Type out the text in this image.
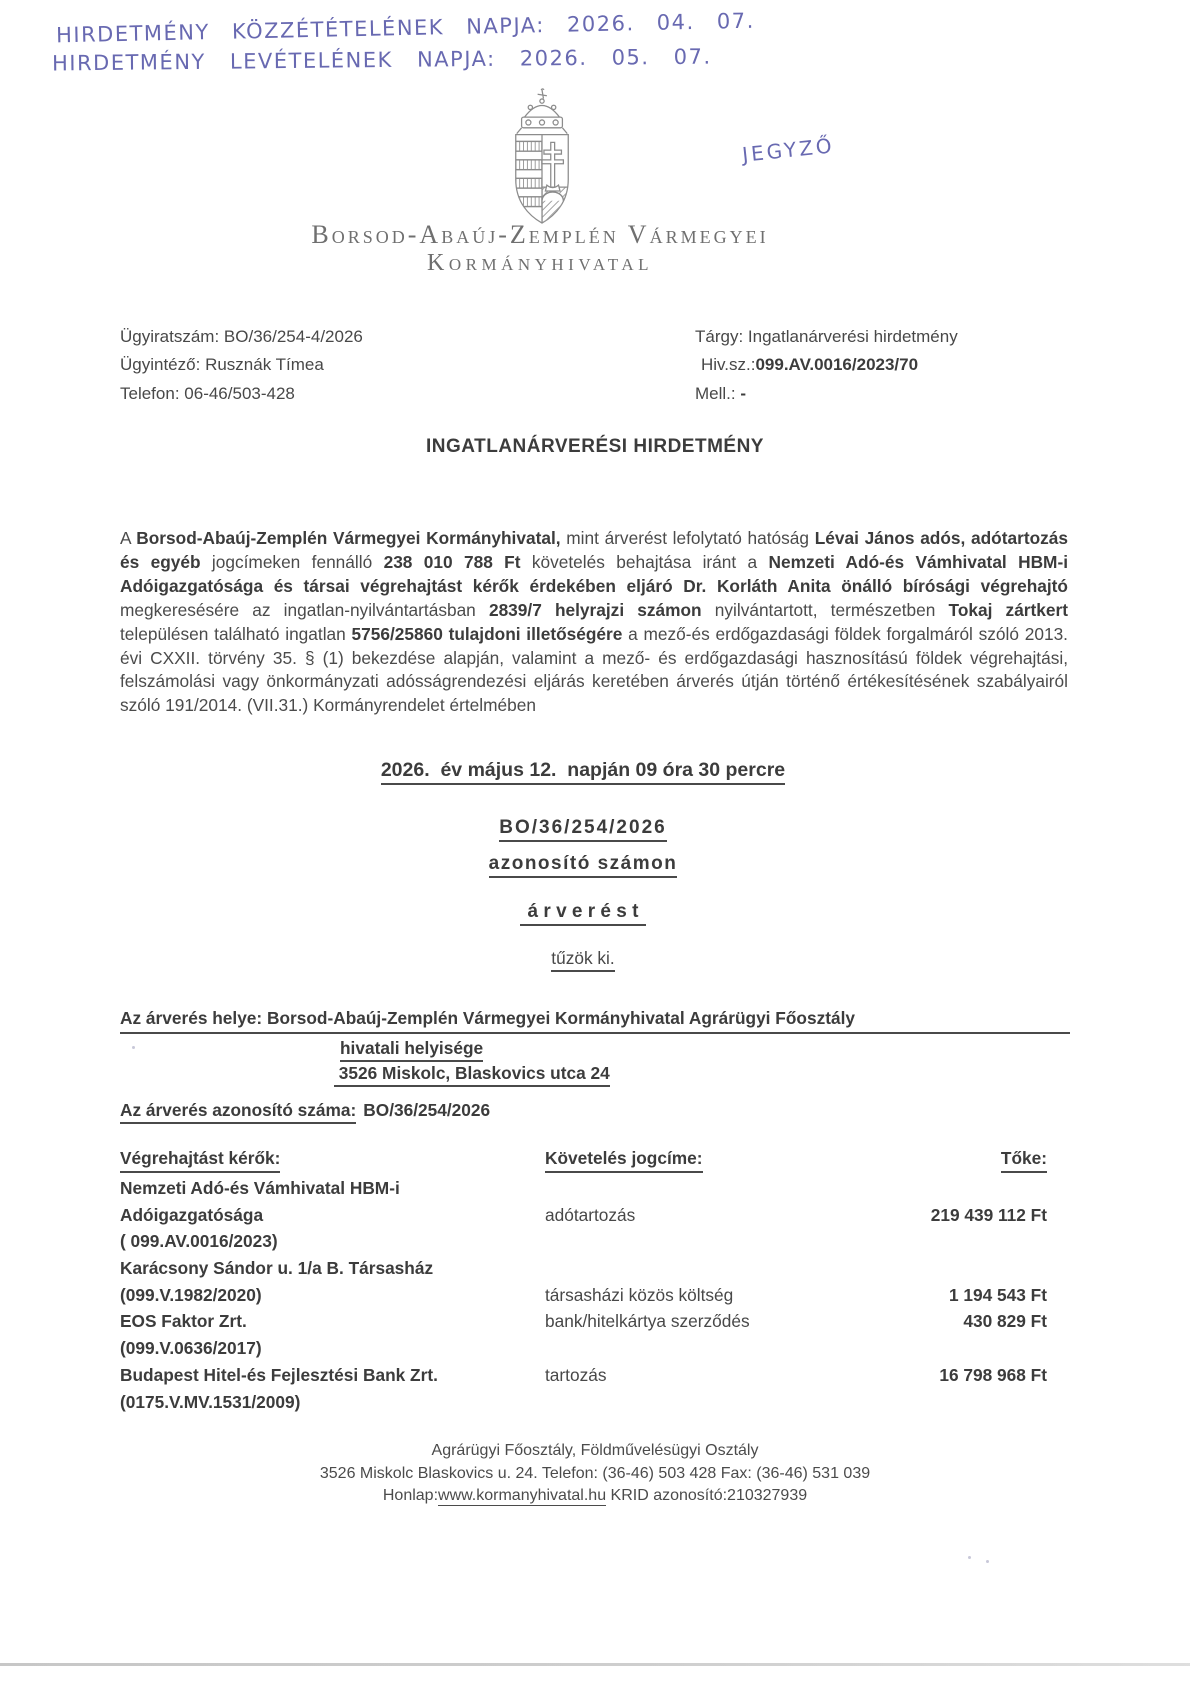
HIRDETMÉNY KÖZZÉTÉTELÉNEK NAPJA: 2026. 04. 07.
HIRDETMÉNY LEVÉTELÉNEK NAPJA: 2026. 05. 07.
JEGYZŐ
Borsod-Abaúj-Zemplén Vármegyei
Kormányhivatal
Ügyiratszám: BO/36/254-4/2026
Ügyintéző: Rusznák Tímea
Telefon: 06-46/503-428
Tárgy: Ingatlanárverési hirdetmény
Hiv.sz.:099.AV.0016/2023/70
Mell.: -
INGATLANÁRVERÉSI HIRDETMÉNY

A Borsod-Abaúj-Zemplén Vármegyei Kormányhivatal, mint árverést lefolytató hatóság Lévai János adós, adótartozás és egyéb jogcímeken fennálló 238 010 788 Ft követelés behajtása iránt a Nemzeti Adó-és Vámhivatal HBM-i Adóigazgatósága és társai végrehajtást kérők érdekében eljáró Dr. Korláth Anita önálló bírósági végrehajtó megkeresésére az ingatlan-nyilvántartásban 2839/7 helyrajzi számon nyilvántartott, természetben Tokaj zártkert településen található ingatlan 5756/25860 tulajdoni illetőségére a mező-és erdőgazdasági földek forgalmáról szóló 2013. évi CXXII. törvény 35. § (1) bekezdése alapján, valamint a mező- és erdőgazdasági hasznosítású földek végrehajtási, felszámolási vagy önkormányzati adósságrendezési eljárás keretében árverés útján történő értékesítésének szabályairól szóló 191/2014. (VII.31.) Kormányrendelet értelmében

2026.  év május 12.  napján 09 óra 30 percre
BO/36/254/2026
azonosító számon
á r v e r é s t
tűzök ki.
Az árverés helye: Borsod-Abaúj-Zemplén Vármegyei Kormányhivatal Agrárügyi Főosztály
hivatali helyisége
3526 Miskolc, Blaskovics utca 24
Az árverés azonosító száma: BO/36/254/2026
Végrehajtást kérők:	Követelés jogcíme:	Tőke:
Nemzeti Adó-és Vámhivatal HBM-i
Adóigazgatósága
( 099.AV.0016/2023)
adótartozás	219 439 112 Ft
Karácsony Sándor u. 1/a B. Társasház
(099.V.1982/2020)	társasházi közös költség	1 194 543 Ft
EOS Faktor Zrt.
(099.V.0636/2017)
bank/hitelkártya szerződés	430 829 Ft
Budapest Hitel-és Fejlesztési Bank Zrt.
(0175.V.MV.1531/2009)
tartozás	16 798 968 Ft
Agrárügyi Főosztály, Földművelésügyi Osztály
3526 Miskolc Blaskovics u. 24. Telefon: (36-46) 503 428 Fax: (36-46) 531 039
Honlap:www.kormanyhivatal.hu KRID azonosító:210327939
